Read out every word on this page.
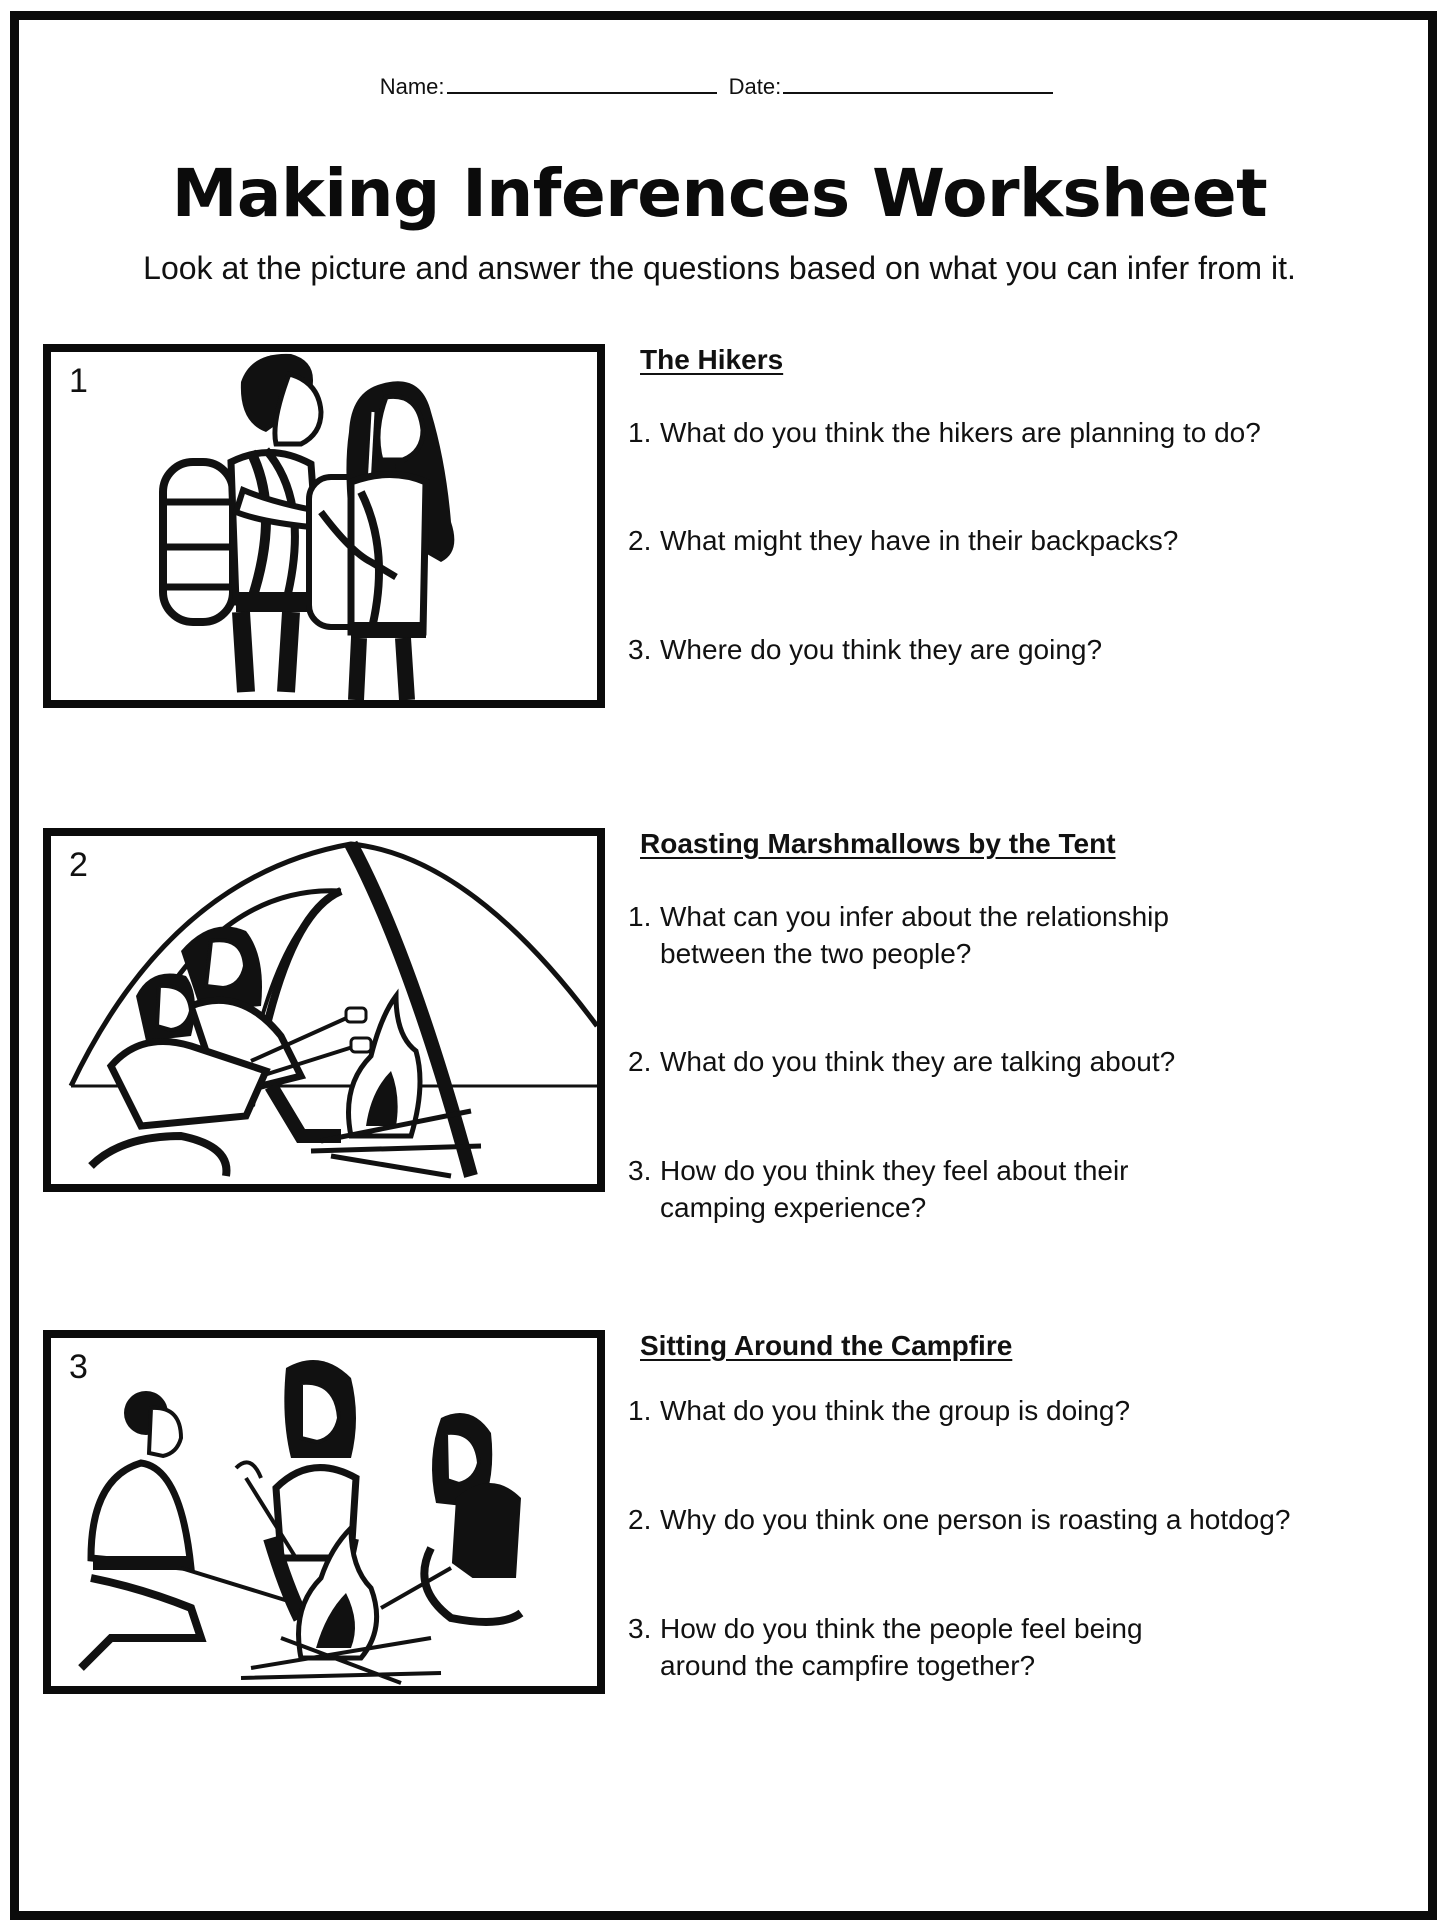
Name:	Date:
Making Inferences Worksheet
Look at the picture and answer the questions based on what you can infer from it.
1
The Hikers
1. What do you think the hikers are planning to do?
2. What might they have in their backpacks?
3. Where do you think they are going?
2
Roasting Marshmallows by the Tent
1. What can you infer about the relationship
between the two people?
2. What do you think they are talking about?
3. How do you think they feel about their
camping experience?
3
Sitting Around the Campfire
1. What do you think the group is doing?
2. Why do you think one person is roasting a hotdog?
3. How do you think the people feel being
around the campfire together?
